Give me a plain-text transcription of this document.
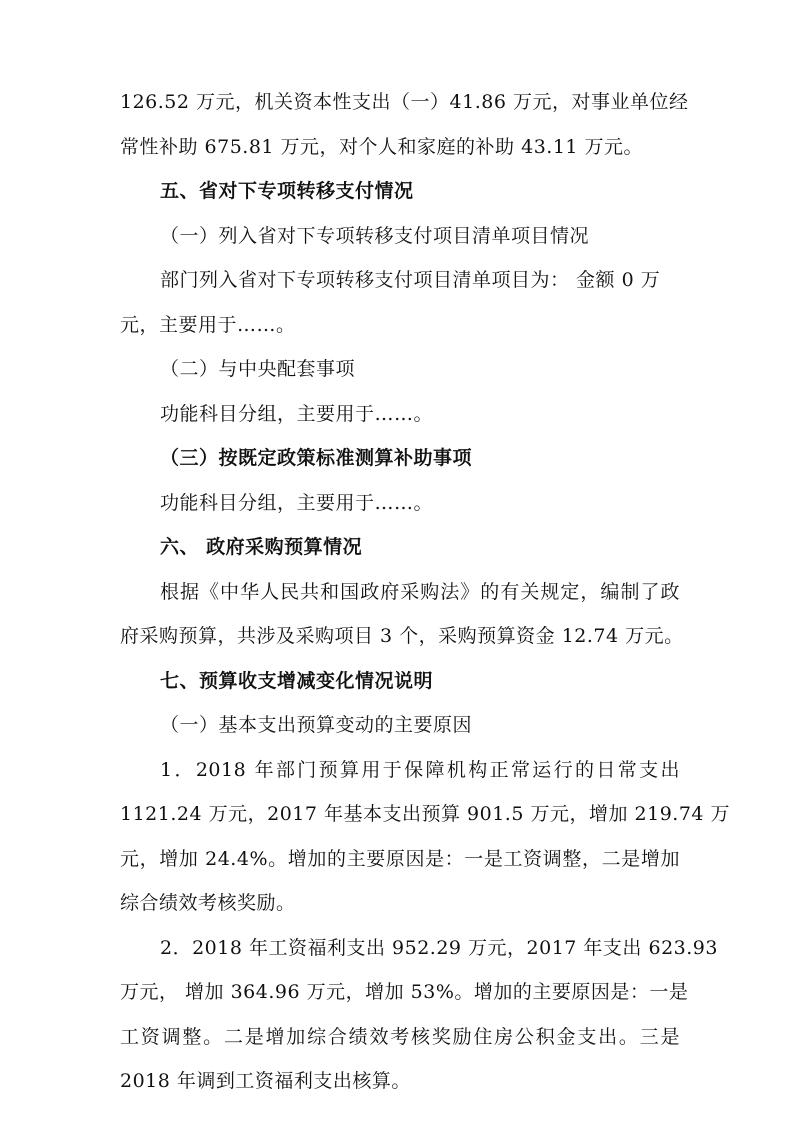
126.52 万元，机关资本性支出（一）41.86 万元，对事业单位经
常性补助 675.81 万元，对个人和家庭的补助 43.11 万元。
五、省对下专项转移支付情况
（一）列入省对下专项转移支付项目清单项目情况
部门列入省对下专项转移支付项目清单项目为： 金额 0 万
元，主要用于……。
（二）与中央配套事项
功能科目分组，主要用于……。
（三）按既定政策标准测算补助事项
功能科目分组，主要用于……。
六、 政府采购预算情况
根据《中华人民共和国政府采购法》的有关规定，编制了政
府采购预算，共涉及采购项目 3 个，采购预算资金 12.74 万元。
七、预算收支增减变化情况说明
（一）基本支出预算变动的主要原因
1．2018 年部门预算用于保障机构正常运行的日常支出
1121.24 万元，2017 年基本支出预算 901.5 万元，增加 219.74 万
元，增加 24.4%。增加的主要原因是：一是工资调整，二是增加
综合绩效考核奖励。
2．2018 年工资福利支出 952.29 万元，2017 年支出 623.93
万元， 增加 364.96 万元，增加 53%。增加的主要原因是：一是
工资调整。二是增加综合绩效考核奖励住房公积金支出。三是
2018 年调到工资福利支出核算。
